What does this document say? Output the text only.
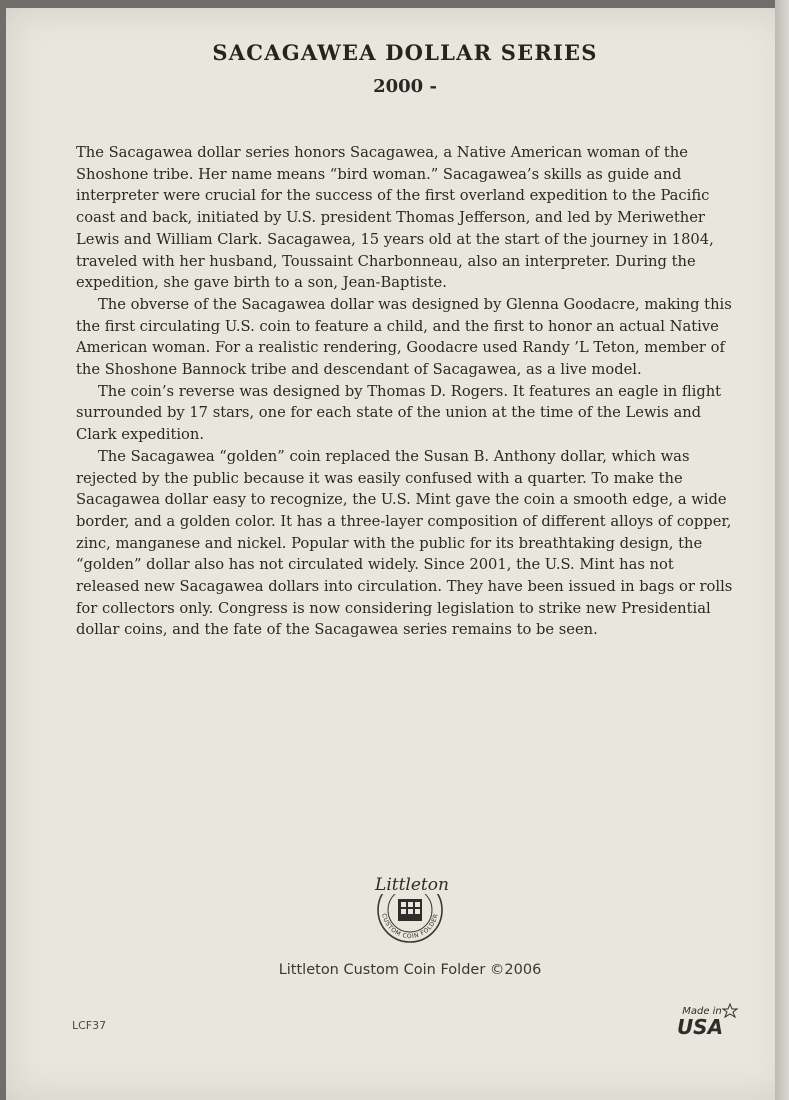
SACAGAWEA DOLLAR SERIES
2000 -

The Sacagawea dollar series honors Sacagawea, a Native American woman of the Shoshone tribe. Her name means “bird woman.” Sacagawea’s skills as guide and interpreter were crucial for the success of the first overland expedition to the Pacific coast and back, initiated by U.S. president Thomas Jefferson, and led by Meriwether Lewis and William Clark. Sacagawea, 15 years old at the start of the journey in 1804, traveled with her husband, Toussaint Charbonneau, also an interpreter. During the expedition, she gave birth to a son, Jean-Baptiste.

The obverse of the Sacagawea dollar was designed by Glenna Goodacre, making this the first circulating U.S. coin to feature a child, and the first to honor an actual Native American woman. For a realistic rendering, Goodacre used Randy ’L Teton, member of the Shoshone Bannock tribe and descendant of Sacagawea, as a live model.

The coin’s reverse was designed by Thomas D. Rogers. It features an eagle in flight surrounded by 17 stars, one for each state of the union at the time of the Lewis and Clark expedition.

The Sacagawea “golden” coin replaced the Susan B. Anthony dollar, which was rejected by the public because it was easily confused with a quarter. To make the Sacagawea dollar easy to recognize, the U.S. Mint gave the coin a smooth edge, a wide border, and a golden color. It has a three-layer composition of different alloys of copper, zinc, manganese and nickel. Popular with the public for its breathtaking design, the “golden” dollar also has not circulated widely. Since 2001, the U.S. Mint has not released new Sacagawea dollars into circulation. They have been issued in bags or rolls for collectors only. Congress is now considering legislation to strike new Presidential dollar coins, and the fate of the Sacagawea series remains to be seen.

Littleton
CUSTOM COIN FOLDER
Littleton Custom Coin Folder ©2006
LCF37
Made in
USA
